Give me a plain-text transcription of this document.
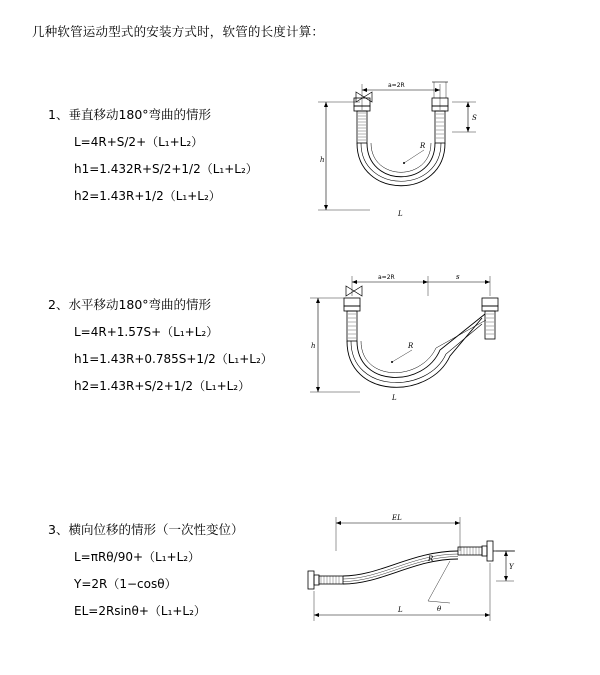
几种软管运动型式的安装方式时，软管的长度计算：
1、垂直移动180°弯曲的情形
L=4R+S/2+（L₁+L₂）
h1=1.432R+S/2+1/2（L₁+L₂）
h2=1.43R+1/2（L₁+L₂）
a=2R
h
S
R
L
2、水平移动180°弯曲的情形
L=4R+1.57S+（L₁+L₂）
h1=1.43R+0.785S+1/2（L₁+L₂）
h2=1.43R+S/2+1/2（L₁+L₂）
a=2R	s
h	R
L
3、横向位移的情形（一次性变位）
L=πRθ/90+（L₁+L₂）
Y=2R（1−cosθ）
EL=2Rsinθ+（L₁+L₂）
EL
Y
R
θ
L
